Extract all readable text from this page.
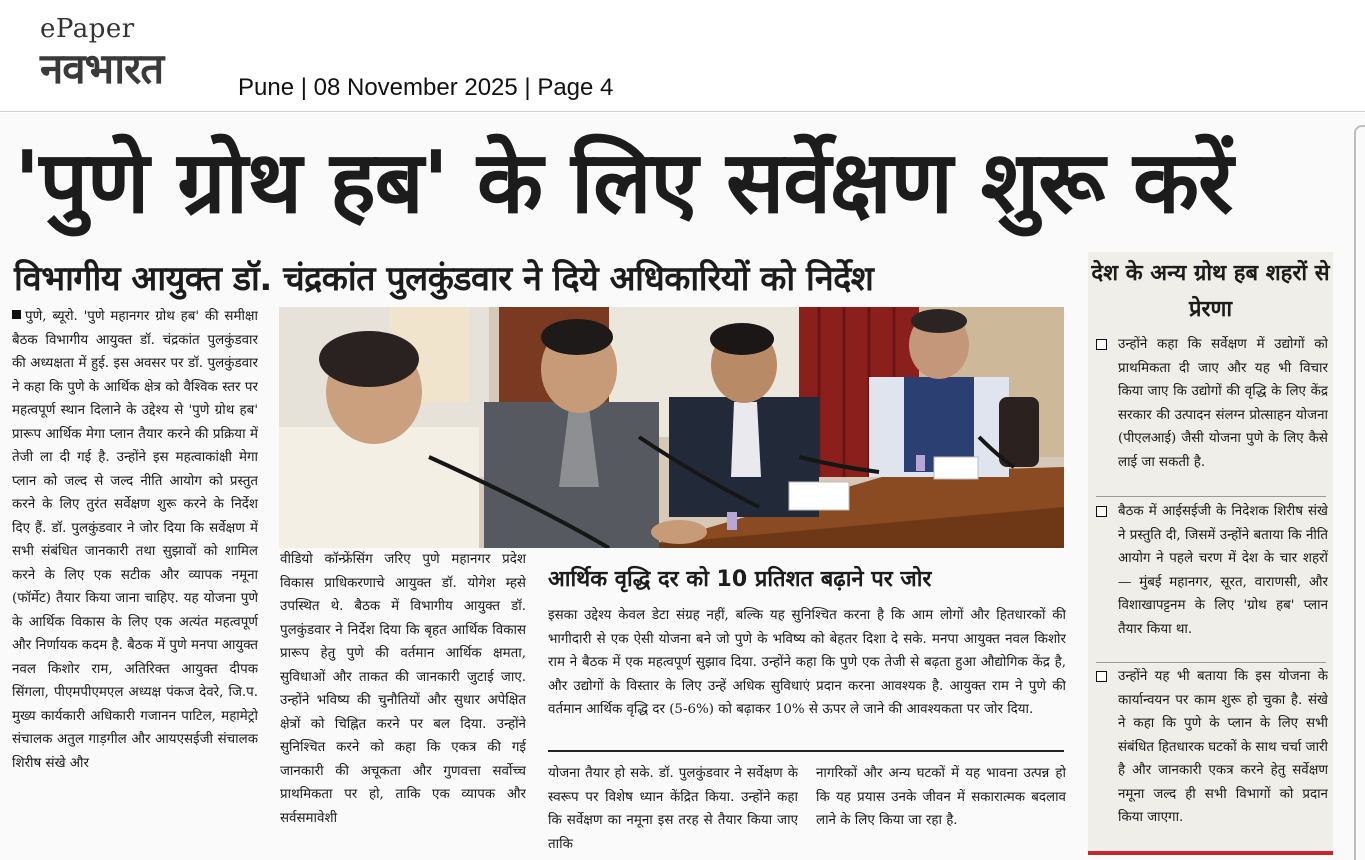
ePaper
नवभारत	Pune | 08 November 2025 | Page 4
'पुणे ग्रोथ हब' के लिए सर्वेक्षण शुरू करें
विभागीय आयुक्त डॉ. चंद्रकांत पुलकुंडवार ने दिये अधिकारियों को निर्देश
पुणे, ब्यूरो. 'पुणे महानगर ग्रोथ हब' की समीक्षा बैठक विभागीय आयुक्त डॉ. चंद्रकांत पुलकुंडवार की अध्यक्षता में हुई. इस अवसर पर डॉ. पुलकुंडवार ने कहा कि पुणे के आर्थिक क्षेत्र को वैश्विक स्तर पर महत्वपूर्ण स्थान दिलाने के उद्देश्य से 'पुणे ग्रोथ हब' प्रारूप आर्थिक मेगा प्लान तैयार करने की प्रक्रिया में तेजी ला दी गई है. उन्होंने इस महत्वाकांक्षी मेगा प्लान को जल्द से जल्द नीति आयोग को प्रस्तुत करने के लिए तुरंत सर्वेक्षण शुरू करने के निर्देश दिए हैं. डॉ. पुलकुंडवार ने जोर दिया कि सर्वेक्षण में सभी संबंधित जानकारी तथा सुझावों को शामिल करने के लिए एक सटीक और व्यापक नमूना (फॉर्मेट) तैयार किया जाना चाहिए. यह योजना पुणे के आर्थिक विकास के लिए एक अत्यंत महत्वपूर्ण और निर्णायक कदम है. बैठक में पुणे मनपा आयुक्त नवल किशोर राम, अतिरिक्त आयुक्त दीपक सिंगला, पीएमपीएमएल अध्यक्ष पंकज देवरे, जि.प. मुख्य कार्यकारी अधिकारी गजानन पाटिल, महामेट्रो संचालक अतुल गाड़गील और आयएसईजी संचालक शिरीष संखे और
वीडियो कॉन्फ्रेंसिंग जरिए पुणे महानगर प्रदेश विकास प्राधिकरणाचे आयुक्त डॉ. योगेश म्हसे उपस्थित थे. बैठक में विभागीय आयुक्त डॉ. पुलकुंडवार ने निर्देश दिया कि बृहत आर्थिक विकास प्रारूप हेतु पुणे की वर्तमान आर्थिक क्षमता, सुविधाओं और ताकत की जानकारी जुटाई जाए. उन्होंने भविष्य की चुनौतियों और सुधार अपेक्षित क्षेत्रों को चिह्नित करने पर बल दिया. उन्होंने सुनिश्चित करने को कहा कि एकत्र की गई जानकारी की अचूकता और गुणवत्ता सर्वोच्च प्राथमिकता पर हो, ताकि एक व्यापक और सर्वसमावेशी
आर्थिक वृद्धि दर को 10 प्रतिशत बढ़ाने पर जोर
इसका उद्देश्य केवल डेटा संग्रह नहीं, बल्कि यह सुनिश्चित करना है कि आम लोगों और हितधारकों की भागीदारी से एक ऐसी योजना बने जो पुणे के भविष्य को बेहतर दिशा दे सके. मनपा आयुक्त नवल किशोर राम ने बैठक में एक महत्वपूर्ण सुझाव दिया. उन्होंने कहा कि पुणे एक तेजी से बढ़ता हुआ औद्योगिक केंद्र है, और उद्योगों के विस्तार के लिए उन्हें अधिक सुविधाएं प्रदान करना आवश्यक है. आयुक्त राम ने पुणे की वर्तमान आर्थिक वृद्धि दर (5-6%) को बढ़ाकर 10% से ऊपर ले जाने की आवश्यकता पर जोर दिया.
योजना तैयार हो सके. डॉ. पुलकुंडवार ने सर्वेक्षण के स्वरूप पर विशेष ध्यान केंद्रित किया. उन्होंने कहा कि सर्वेक्षण का नमूना इस तरह से तैयार किया जाए ताकि
नागरिकों और अन्य घटकों में यह भावना उत्पन्न हो कि यह प्रयास उनके जीवन में सकारात्मक बदलाव लाने के लिए किया जा रहा है.
देश के अन्य ग्रोथ हब शहरों से प्रेरणा
उन्होंने कहा कि सर्वेक्षण में उद्योगों को प्राथमिकता दी जाए और यह भी विचार किया जाए कि उद्योगों की वृद्धि के लिए केंद्र सरकार की उत्पादन संलग्न प्रोत्साहन योजना (पीएलआई) जैसी योजना पुणे के लिए कैसे लाई जा सकती है.
बैठक में आईसईजी के निदेशक शिरीष संखे ने प्रस्तुति दी, जिसमें उन्होंने बताया कि नीति आयोग ने पहले चरण में देश के चार शहरों— मुंबई महानगर, सूरत, वाराणसी, और विशाखापट्टनम के लिए 'ग्रोथ हब' प्लान तैयार किया था.
उन्होंने यह भी बताया कि इस योजना के कार्यान्वयन पर काम शुरू हो चुका है. संखे ने कहा कि पुणे के प्लान के लिए सभी संबंधित हितधारक घटकों के साथ चर्चा जारी है और जानकारी एकत्र करने हेतु सर्वेक्षण नमूना जल्द ही सभी विभागों को प्रदान किया जाएगा.
